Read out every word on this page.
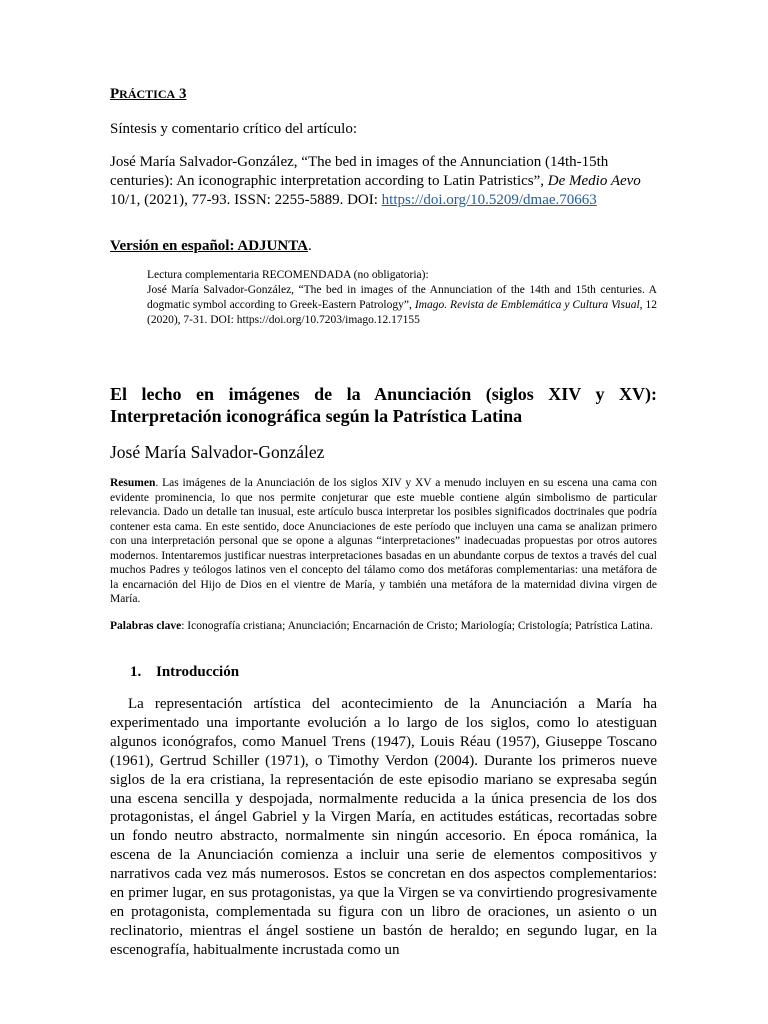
PRÁCTICA 3
Síntesis y comentario crítico del artículo:
José María Salvador-González, “The bed in images of the Annunciation (14th-15th centuries): An iconographic interpretation according to Latin Patristics”, De Medio Aevo 10/1, (2021), 77-93. ISSN: 2255-5889. DOI: https://doi.org/10.5209/dmae.70663
Versión en español: ADJUNTA.
Lectura complementaria RECOMENDADA (no obligatoria):
José María Salvador-González, “The bed in images of the Annunciation of the 14th and 15th centuries. A dogmatic symbol according to Greek-Eastern Patrology”, Imago. Revista de Emblemática y Cultura Visual, 12 (2020), 7-31. DOI: https://doi.org/10.7203/imago.12.17155
El lecho en imágenes de la Anunciación (siglos XIV y XV):
Interpretación iconográfica según la Patrística Latina
José María Salvador-González
Resumen. Las imágenes de la Anunciación de los siglos XIV y XV a menudo incluyen en su escena una cama con evidente prominencia, lo que nos permite conjeturar que este mueble contiene algún simbolismo de particular relevancia. Dado un detalle tan inusual, este artículo busca interpretar los posibles significados doctrinales que podría contener esta cama. En este sentido, doce Anunciaciones de este período que incluyen una cama se analizan primero con una interpretación personal que se opone a algunas “interpretaciones” inadecuadas propuestas por otros autores modernos. Intentaremos justificar nuestras interpretaciones basadas en un abundante corpus de textos a través del cual muchos Padres y teólogos latinos ven el concepto del tálamo como dos metáforas complementarias: una metáfora de la encarnación del Hijo de Dios en el vientre de María, y también una metáfora de la maternidad divina virgen de María.
Palabras clave: Iconografía cristiana; Anunciación; Encarnación de Cristo; Mariología; Cristología; Patrística Latina.
1. Introducción
La representación artística del acontecimiento de la Anunciación a María ha experimentado una importante evolución a lo largo de los siglos, como lo atestiguan algunos iconógrafos, como Manuel Trens (1947), Louis Réau (1957), Giuseppe Toscano (1961), Gertrud Schiller (1971), o Timothy Verdon (2004). Durante los primeros nueve siglos de la era cristiana, la representación de este episodio mariano se expresaba según una escena sencilla y despojada, normalmente reducida a la única presencia de los dos protagonistas, el ángel Gabriel y la Virgen María, en actitudes estáticas, recortadas sobre un fondo neutro abstracto, normalmente sin ningún accesorio. En época románica, la escena de la Anunciación comienza a incluir una serie de elementos compositivos y narrativos cada vez más numerosos. Estos se concretan en dos aspectos complementarios: en primer lugar, en sus protagonistas, ya que la Virgen se va convirtiendo progresivamente en protagonista, complementada su figura con un libro de oraciones, un asiento o un reclinatorio, mientras el ángel sostiene un bastón de heraldo; en segundo lugar, en la escenografía, habitualmente incrustada como un
